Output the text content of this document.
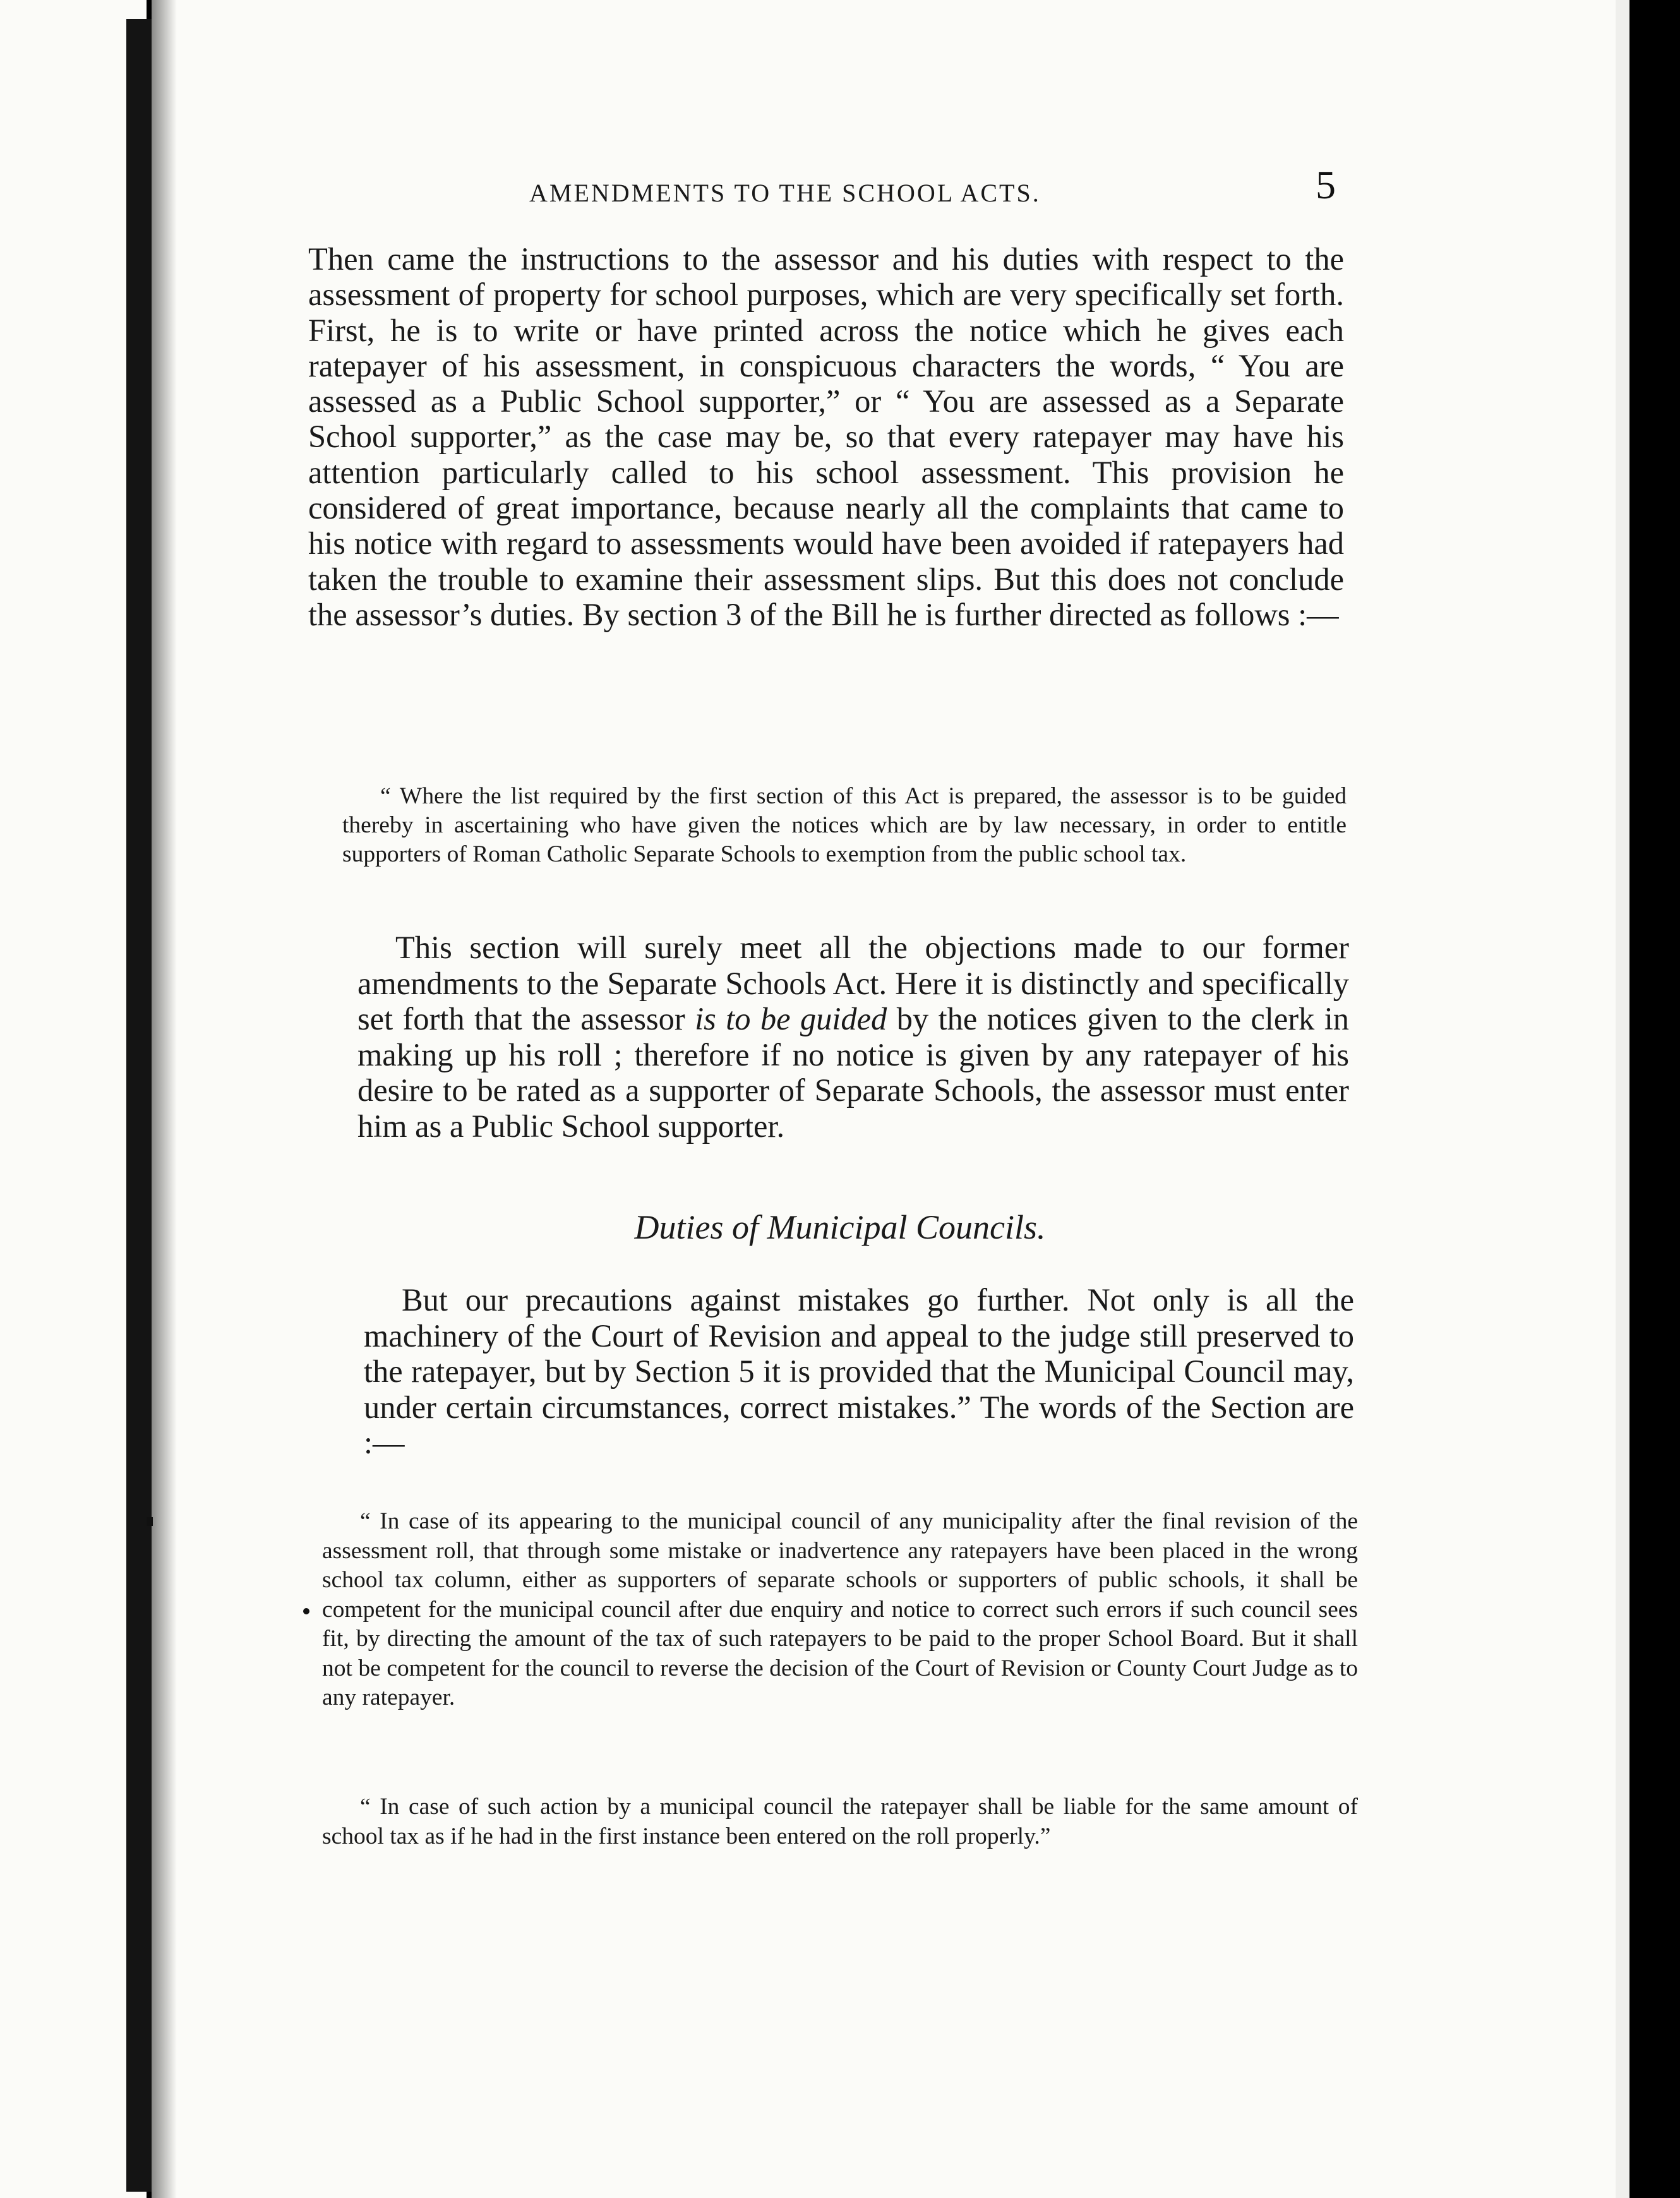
AMENDMENTS TO THE SCHOOL ACTS.	5

Then came the instructions to the assessor and his duties with respect to the assessment of property for school purposes, which are very specifically set forth. First, he is to write or have printed across the notice which he gives each ratepayer of his assessment, in conspicuous characters the words, “ You are assessed as a Public School supporter,” or “ You are assessed as a Separate School supporter,” as the case may be, so that every ratepayer may have his attention particularly called to his school assessment. This provision he considered of great importance, because nearly all the complaints that came to his notice with regard to assessments would have been avoided if ratepayers had taken the trouble to examine their assessment slips. But this does not conclude the assessor’s duties. By section 3 of the Bill he is further directed as follows :—

“ Where the list required by the first section of this Act is prepared, the assessor is to be guided thereby in ascertaining who have given the notices which are by law necessary, in order to entitle supporters of Roman Catholic Separate Schools to exemption from the public school tax.

This section will surely meet all the objections made to our former amendments to the Separate Schools Act. Here it is distinctly and specifically set forth that the assessor is to be guided by the notices given to the clerk in making up his roll ; therefore if no notice is given by any ratepayer of his desire to be rated as a supporter of Separate Schools, the assessor must enter him as a Public School supporter.

Duties of Municipal Councils.

But our precautions against mistakes go further. Not only is all the machinery of the Court of Revision and appeal to the judge still preserved to the ratepayer, but by Section 5 it is provided that the Municipal Council may, under certain circumstances, correct mistakes.” The words of the Section are :—

“ In case of its appearing to the municipal council of any municipality after the final revision of the assessment roll, that through some mistake or inadvertence any ratepayers have been placed in the wrong school tax column, either as supporters of separate schools or supporters of public schools, it shall be competent for the municipal council after due enquiry and notice to correct such errors if such council sees fit, by directing the amount of the tax of such ratepayers to be paid to the proper School Board. But it shall not be competent for the council to reverse the decision of the Court of Revision or County Court Judge as to any ratepayer.

“ In case of such action by a municipal council the ratepayer shall be liable for the same amount of school tax as if he had in the first instance been entered on the roll properly.”
